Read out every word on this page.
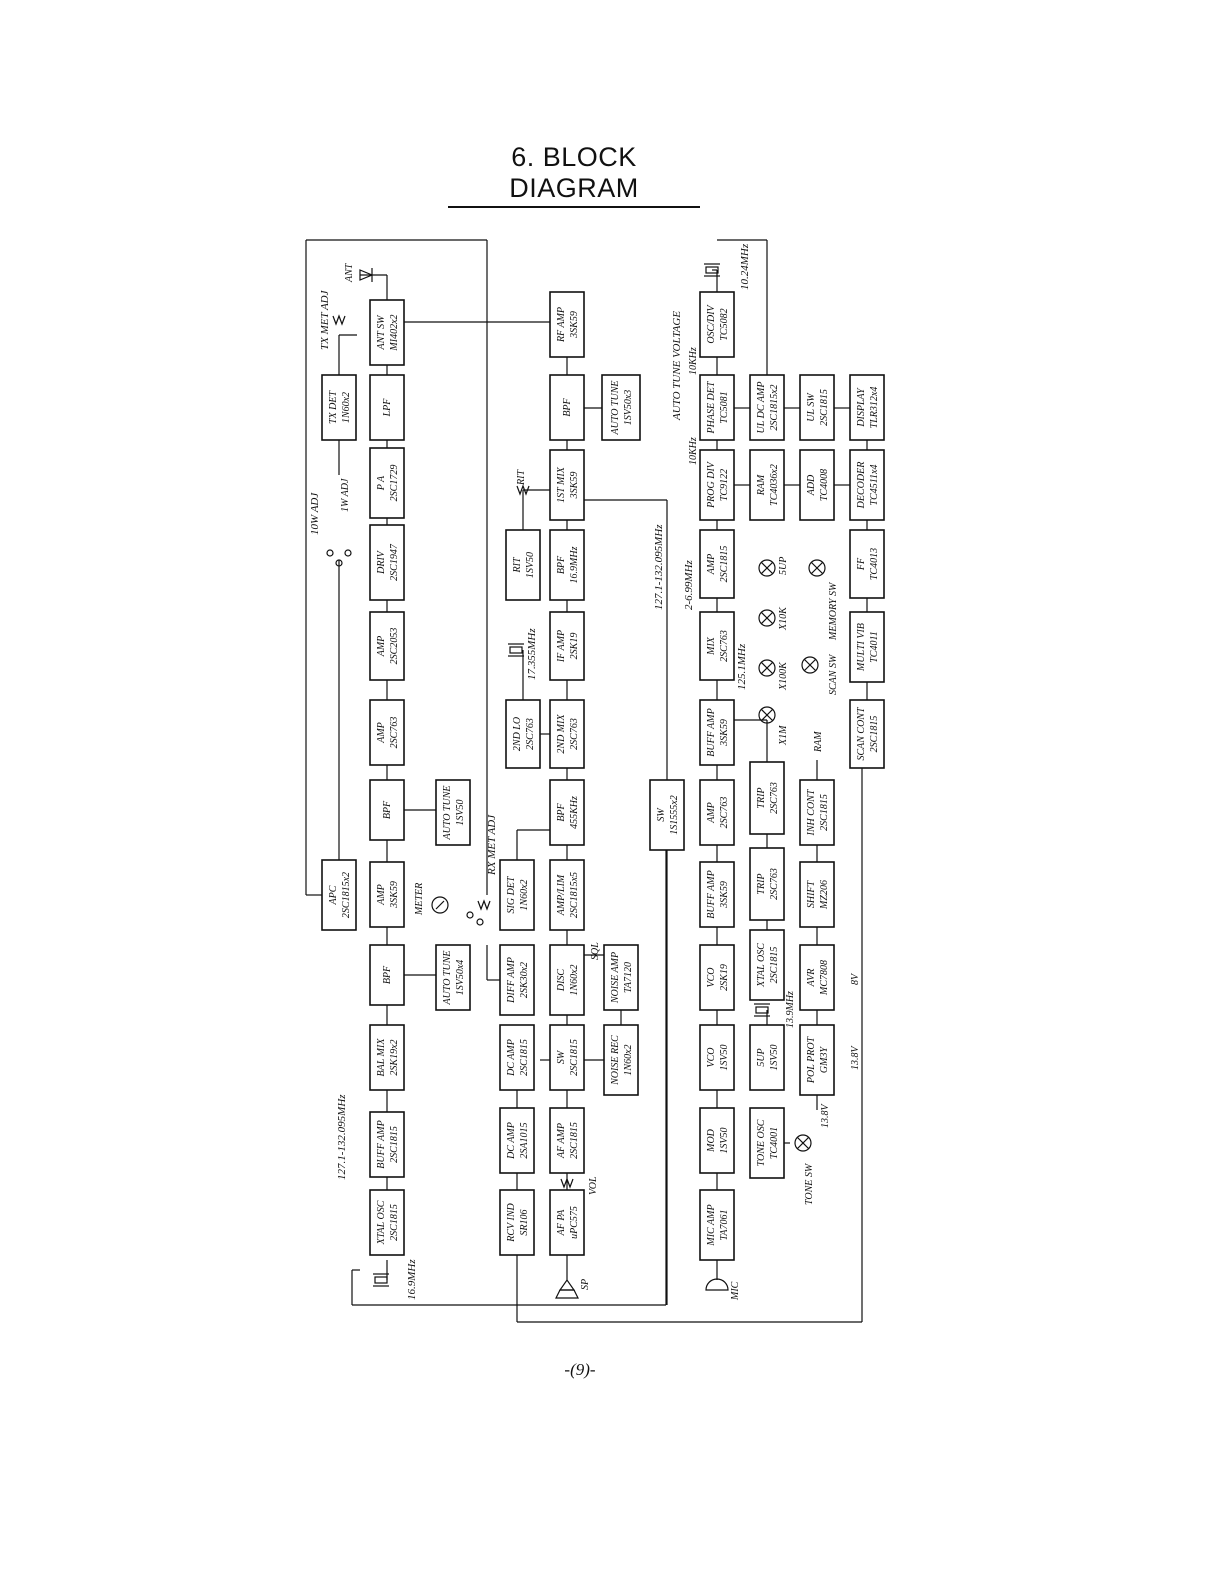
6. BLOCK DIAGRAM
XTAL OSC 2SC1815
BUFF AMP 2SC1815
BAL MIX 2SK19x2
BPF
AMP 3SK59
BPF
AMP 2SC763
AMP 2SC2053
DRIV 2SC1947
P A 2SC1729
LPF
ANT SW MI402x2
TX DET 1N60x2
APC 2SC1815x2
AUTO TUNE 1SV50x4
AUTO TUNE 1SV50
RCV IND SR106
DC AMP 2SA1015
DC AMP 2SC1815
DIFF AMP 2SK30x2
SIG DET 1N60x2
AF PA uPC575
AF AMP 2SC1815
SW 2SC1815
DISC 1N60x2
AMP/LIM 2SC1815x5
BPF 455KHz
2ND MIX 2SC763
2ND LO 2SC763
IF AMP 2SK19
BPF 16.9MHz
RIT 1SV50
1ST MIX 3SK59
BPF
RF AMP 3SK59
AUTO TUNE 1SV50x3
NOISE REC 1N60x2
NOISE AMP TA7120
SW 1S1555x2
MIC AMP TA7061
MOD 1SV50
VCO 1SV50
VCO 2SK19
BUFF AMP 3SK59
AMP 2SC763
BUFF AMP 3SK59
MIX 2SC763
AMP 2SC1815
PROG DIV TC9122
PHASE DET TC5081
OSC/DIV TC5082
TONE OSC TC4001
5UP 1SV50
XTAL OSC 2SC1815
TRIP 2SC763
TRIP 2SC763
RAM TC4036x2
UL DC AMP 2SC1815x2
POL PROT GM3Y
AVR MC7808
SHIFT MZ206
INH CONT 2SC1815
ADD TC4008
UL SW 2SC1815
SCAN CONT 2SC1815
MULTI VIB TC4011
FF TC4013
DECODER TC4511x4
DISPLAY TLR312x4
16.9MHz
127.1-132.095MHz
127.1-132.095MHz
TX MET ADJ
ANT
10W ADJ 1W ADJ
RX MET ADJ
METER
RIT
17.355MHz
SQL
VOL
SP	MIC
AUTO TUNE VOLTAGE
10KHz
10KHz
10.24MHz
2-6.99MHz
125.1MHz
13.9MHz
X1M
X100K
X10K
5UP
SCAN SW
MEMORY SW
RAM
8V
13.8V
13.8V
TONE SW
-(9)-
